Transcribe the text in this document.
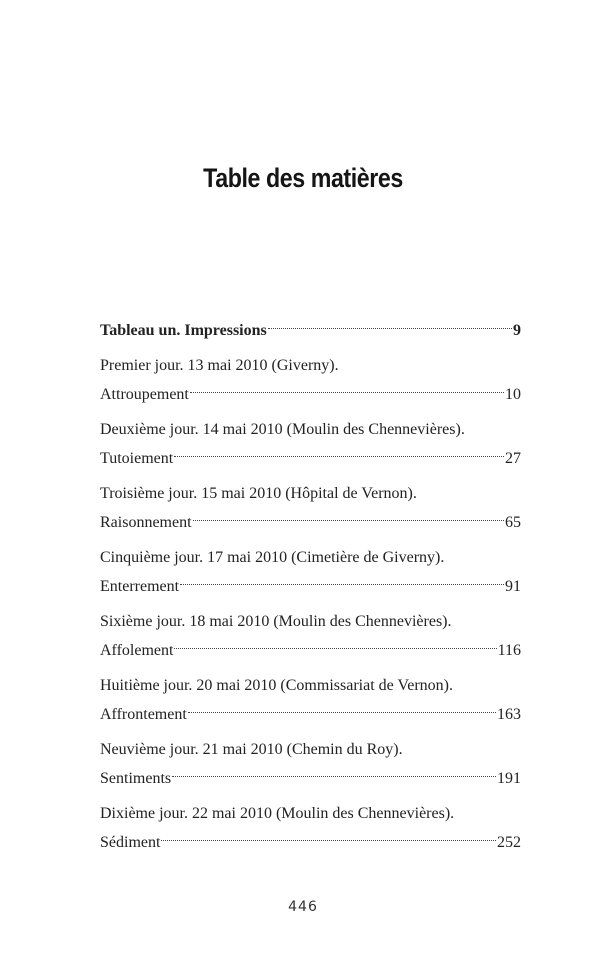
Table des matières
Tableau un. Impressions	9
Premier jour. 13 mai 2010 (Giverny).
Attroupement	10
Deuxième jour. 14 mai 2010 (Moulin des Chennevières).
Tutoiement	27
Troisième jour. 15 mai 2010 (Hôpital de Vernon).
Raisonnement	65
Cinquième jour. 17 mai 2010 (Cimetière de Giverny).
Enterrement	91
Sixième jour. 18 mai 2010 (Moulin des Chennevières).
Affolement	116
Huitième jour. 20 mai 2010 (Commissariat de Vernon).
Affrontement	163
Neuvième jour. 21 mai 2010 (Chemin du Roy).
Sentiments	191
Dixième jour. 22 mai 2010 (Moulin des Chennevières).
Sédiment	252
446
